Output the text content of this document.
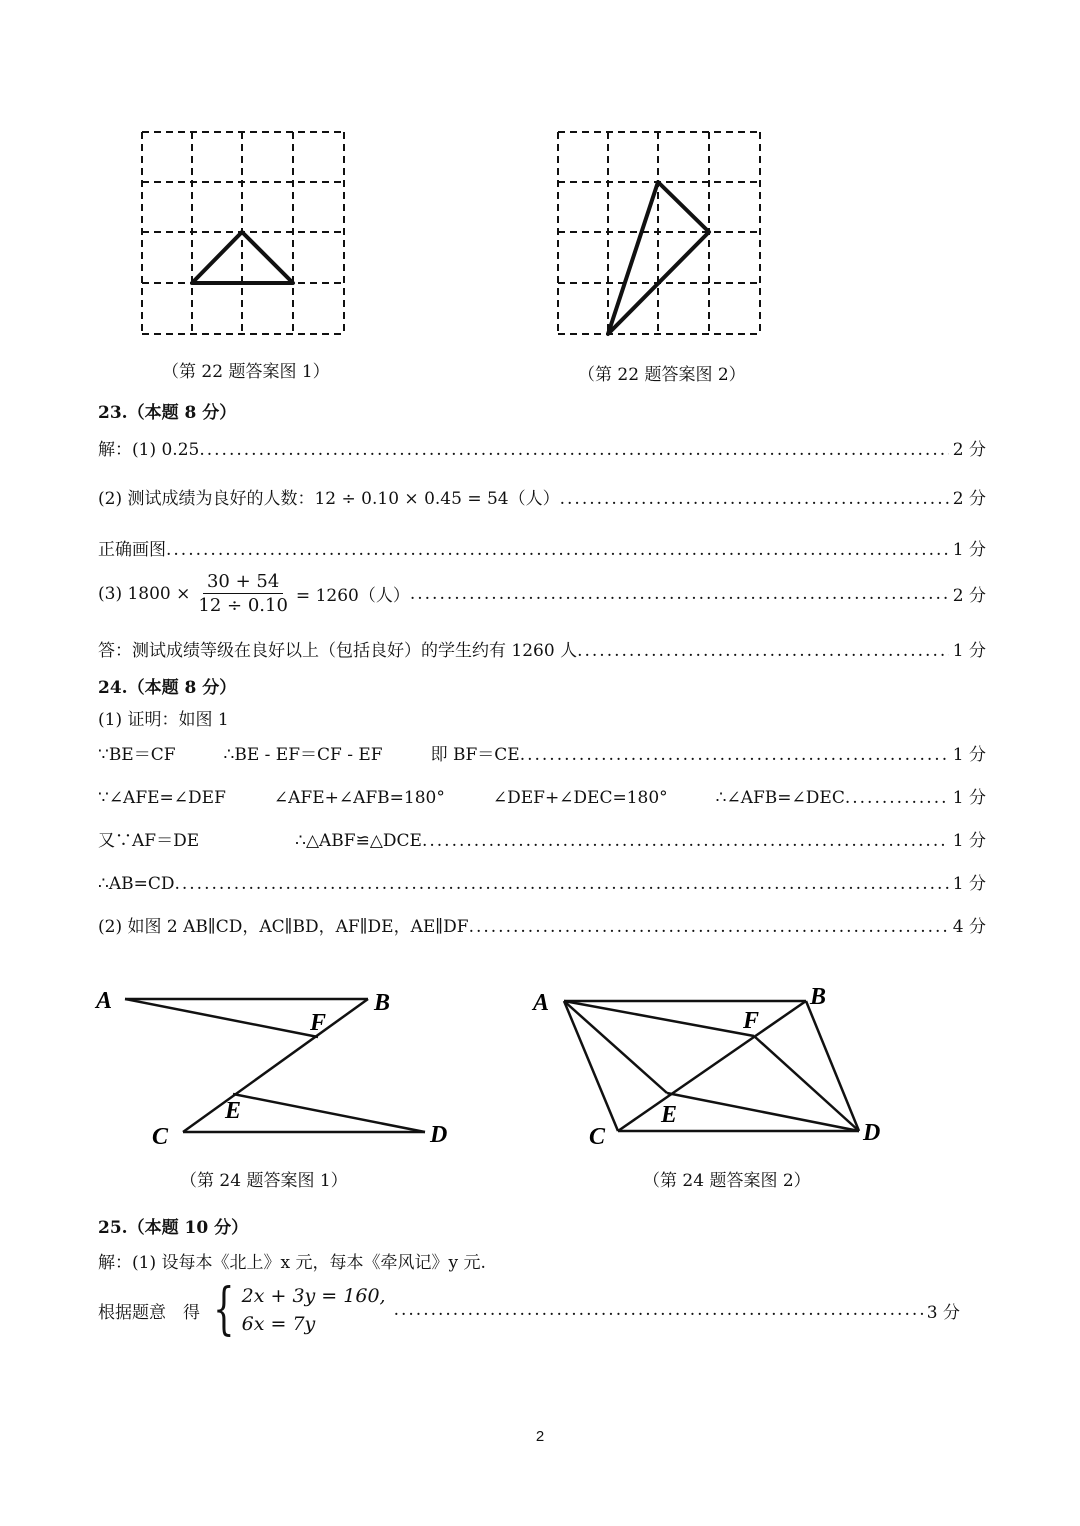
（第 22 题答案图 1）	（第 22 题答案图 2）
23.（本题 8 分）
解：(1) 0.25 .....	2 分
(2) 测试成绩为良好的人数：12 ÷ 0.10 × 0.45 = 54（人） .....	2 分
正确画图 .....	1 分
(3) $1800 \times \frac{30 + 54}{12 \div 0.10} = 1260$（人） .....	2 分
答：测试成绩等级在良好以上（包括良好）的学生约有 1260 人 .....	1 分
24.（本题 8 分）
(1) 证明：如图 1
∵BE＝CF	∴BE - EF＝CF - EF	即 BF＝CE .....	1 分
∵∠AFE=∠DEF	∠AFE+∠AFB=180°	∠DEF+∠DEC=180°	∴∠AFB=∠DEC .....	1 分
又∵AF＝DE	∴△ABF≌△DCE .....	1 分
∴AB=CD .....	1 分
(2) 如图 2 AB∥CD，AC∥BD，AF∥DE，AE∥DF .....	4 分
A	B
F
E
C	D
（第 24 题答案图 1）
A	B
F
E
C	D
（第 24 题答案图 2）
25.（本题 10 分）
解：(1) 设每本《北上》x 元，每本《牵风记》y 元.
根据题意　得 { 2x + 3y = 160,
6x = 7y
.....
3 分
2
